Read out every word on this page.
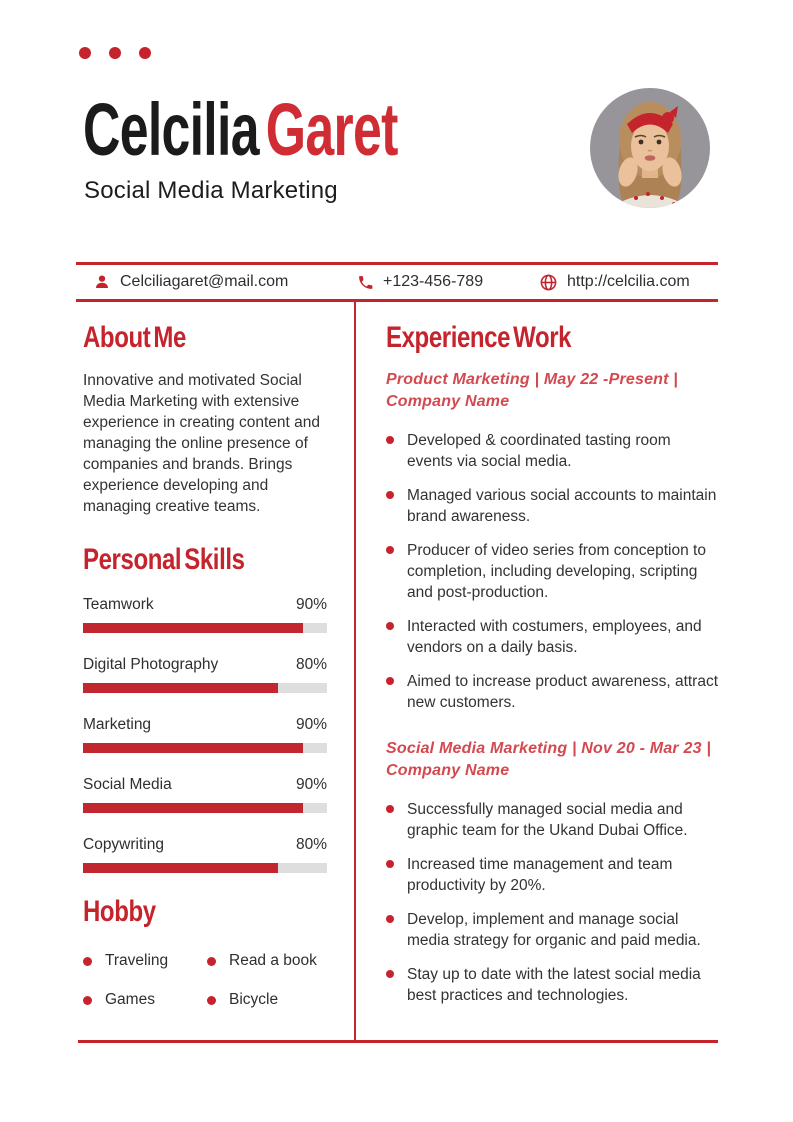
CelciliaGaret
Social Media Marketing
Celciliagaret@mail.com	+123-456-789	http://celcilia.com
About Me

Innovative and motivated Social Media Marketing with extensive experience in creating content and managing the online presence of companies and brands. Brings experience developing and managing creative teams.

Personal Skills
Teamwork	90%
Digital Photography	80%
Marketing	90%
Social Media	90%
Copywriting	80%
Hobby
Traveling	Read a book
Games	Bicycle
Experience Work
Product Marketing | May 22 -Present | Company Name
Developed & coordinated tasting room events via social media.
Managed various social accounts to maintain brand awareness.
Producer of video series from conception to completion, including developing, scripting and post-production.
Interacted with costumers, employees, and vendors on a daily basis.
Aimed to increase product awareness, attract new customers.
Social Media Marketing | Nov 20 - Mar 23 | Company Name
Successfully managed social media and graphic team for the Ukand Dubai Office.
Increased time management and team productivity by 20%.
Develop, implement and manage social media strategy for organic and paid media.
Stay up to date with the latest social media best practices and technologies.
